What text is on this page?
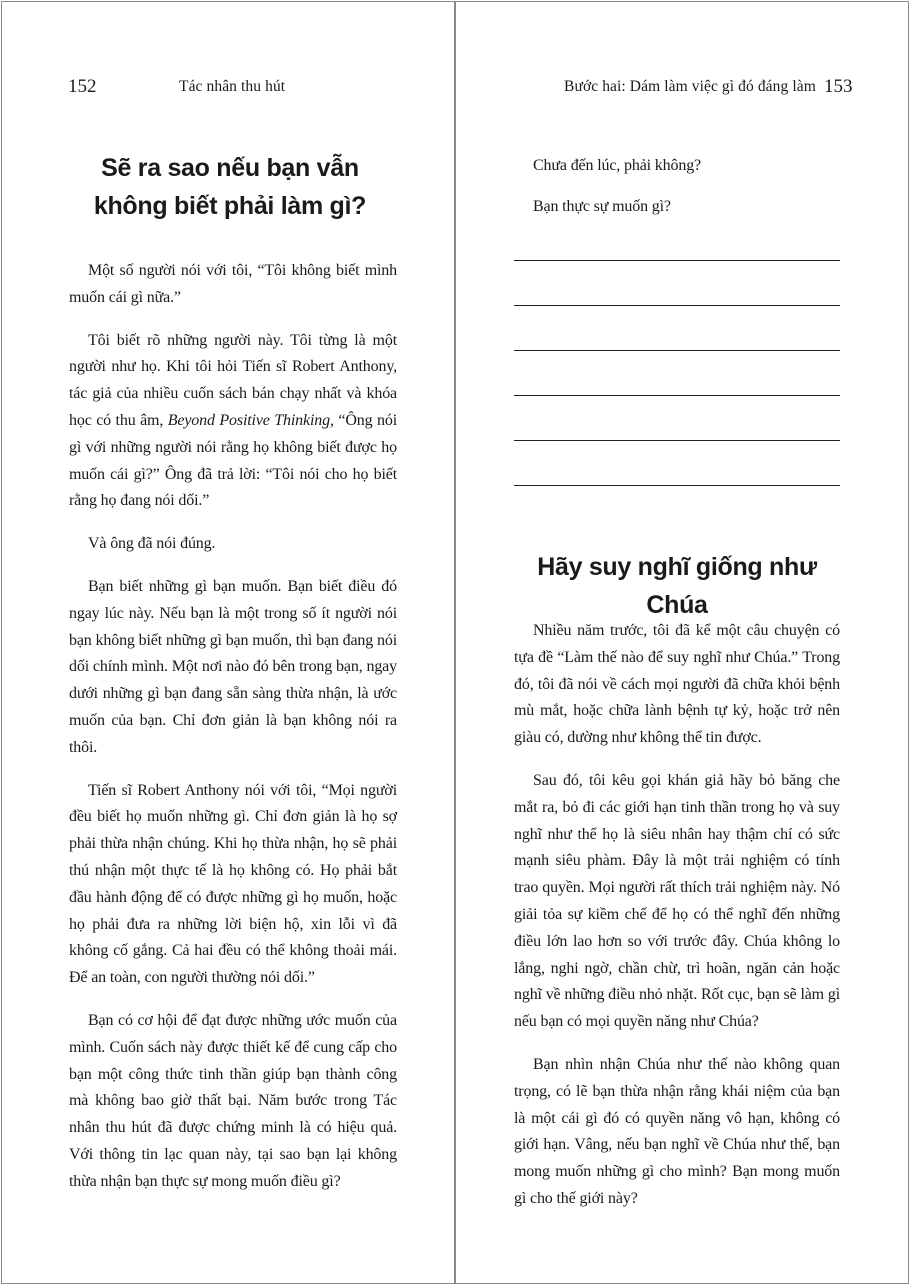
152	Tác nhân thu hút
Sẽ ra sao nếu bạn vẫn không biết phải làm gì?

Một số người nói với tôi, “Tôi không biết mình muốn cái gì nữa.”

Tôi biết rõ những người này. Tôi từng là một người như họ. Khi tôi hỏi Tiến sĩ Robert Anthony, tác giả của nhiều cuốn sách bán chạy nhất và khóa học có thu âm, Beyond Positive Thinking, “Ông nói gì với những người nói rằng họ không biết được họ muốn cái gì?” Ông đã trả lời: “Tôi nói cho họ biết rằng họ đang nói dối.”

Và ông đã nói đúng.

Bạn biết những gì bạn muốn. Bạn biết điều đó ngay lúc này. Nếu bạn là một trong số ít người nói bạn không biết những gì bạn muốn, thì bạn đang nói dối chính mình. Một nơi nào đó bên trong bạn, ngay dưới những gì bạn đang sẵn sàng thừa nhận, là ước muốn của bạn. Chỉ đơn giản là bạn không nói ra thôi.

Tiến sĩ Robert Anthony nói với tôi, “Mọi người đều biết họ muốn những gì. Chỉ đơn giản là họ sợ phải thừa nhận chúng. Khi họ thừa nhận, họ sẽ phải thú nhận một thực tế là họ không có. Họ phải bắt đầu hành động để có được những gì họ muốn, hoặc họ phải đưa ra những lời biện hộ, xin lỗi vì đã không cố gắng. Cả hai đều có thể không thoải mái. Để an toàn, con người thường nói dối.”

Bạn có cơ hội để đạt được những ước muốn của mình. Cuốn sách này được thiết kế để cung cấp cho bạn một công thức tinh thần giúp bạn thành công mà không bao giờ thất bại. Năm bước trong Tác nhân thu hút đã được chứng minh là có hiệu quả. Với thông tin lạc quan này, tại sao bạn lại không thừa nhận bạn thực sự mong muốn điều gì?

Bước hai: Dám làm việc gì đó đáng làm 153

Chưa đến lúc, phải không?

Bạn thực sự muốn gì?

Hãy suy nghĩ giống như Chúa

Nhiều năm trước, tôi đã kể một câu chuyện có tựa đề “Làm thế nào để suy nghĩ như Chúa.” Trong đó, tôi đã nói về cách mọi người đã chữa khỏi bệnh mù mắt, hoặc chữa lành bệnh tự kỷ, hoặc trở nên giàu có, dường như không thể tin được.

Sau đó, tôi kêu gọi khán giả hãy bỏ băng che mắt ra, bỏ đi các giới hạn tinh thần trong họ và suy nghĩ như thể họ là siêu nhân hay thậm chí có sức mạnh siêu phàm. Đây là một trải nghiệm có tính trao quyền. Mọi người rất thích trải nghiệm này. Nó giải tỏa sự kiềm chế để họ có thể nghĩ đến những điều lớn lao hơn so với trước đây. Chúa không lo lắng, nghi ngờ, chần chừ, trì hoãn, ngăn cản hoặc nghĩ về những điều nhỏ nhặt. Rốt cục, bạn sẽ làm gì nếu bạn có mọi quyền năng như Chúa?

Bạn nhìn nhận Chúa như thế nào không quan trọng, có lẽ bạn thừa nhận rằng khái niệm của bạn là một cái gì đó có quyền năng vô hạn, không có giới hạn. Vâng, nếu bạn nghĩ về Chúa như thế, bạn mong muốn những gì cho mình? Bạn mong muốn gì cho thế giới này?
